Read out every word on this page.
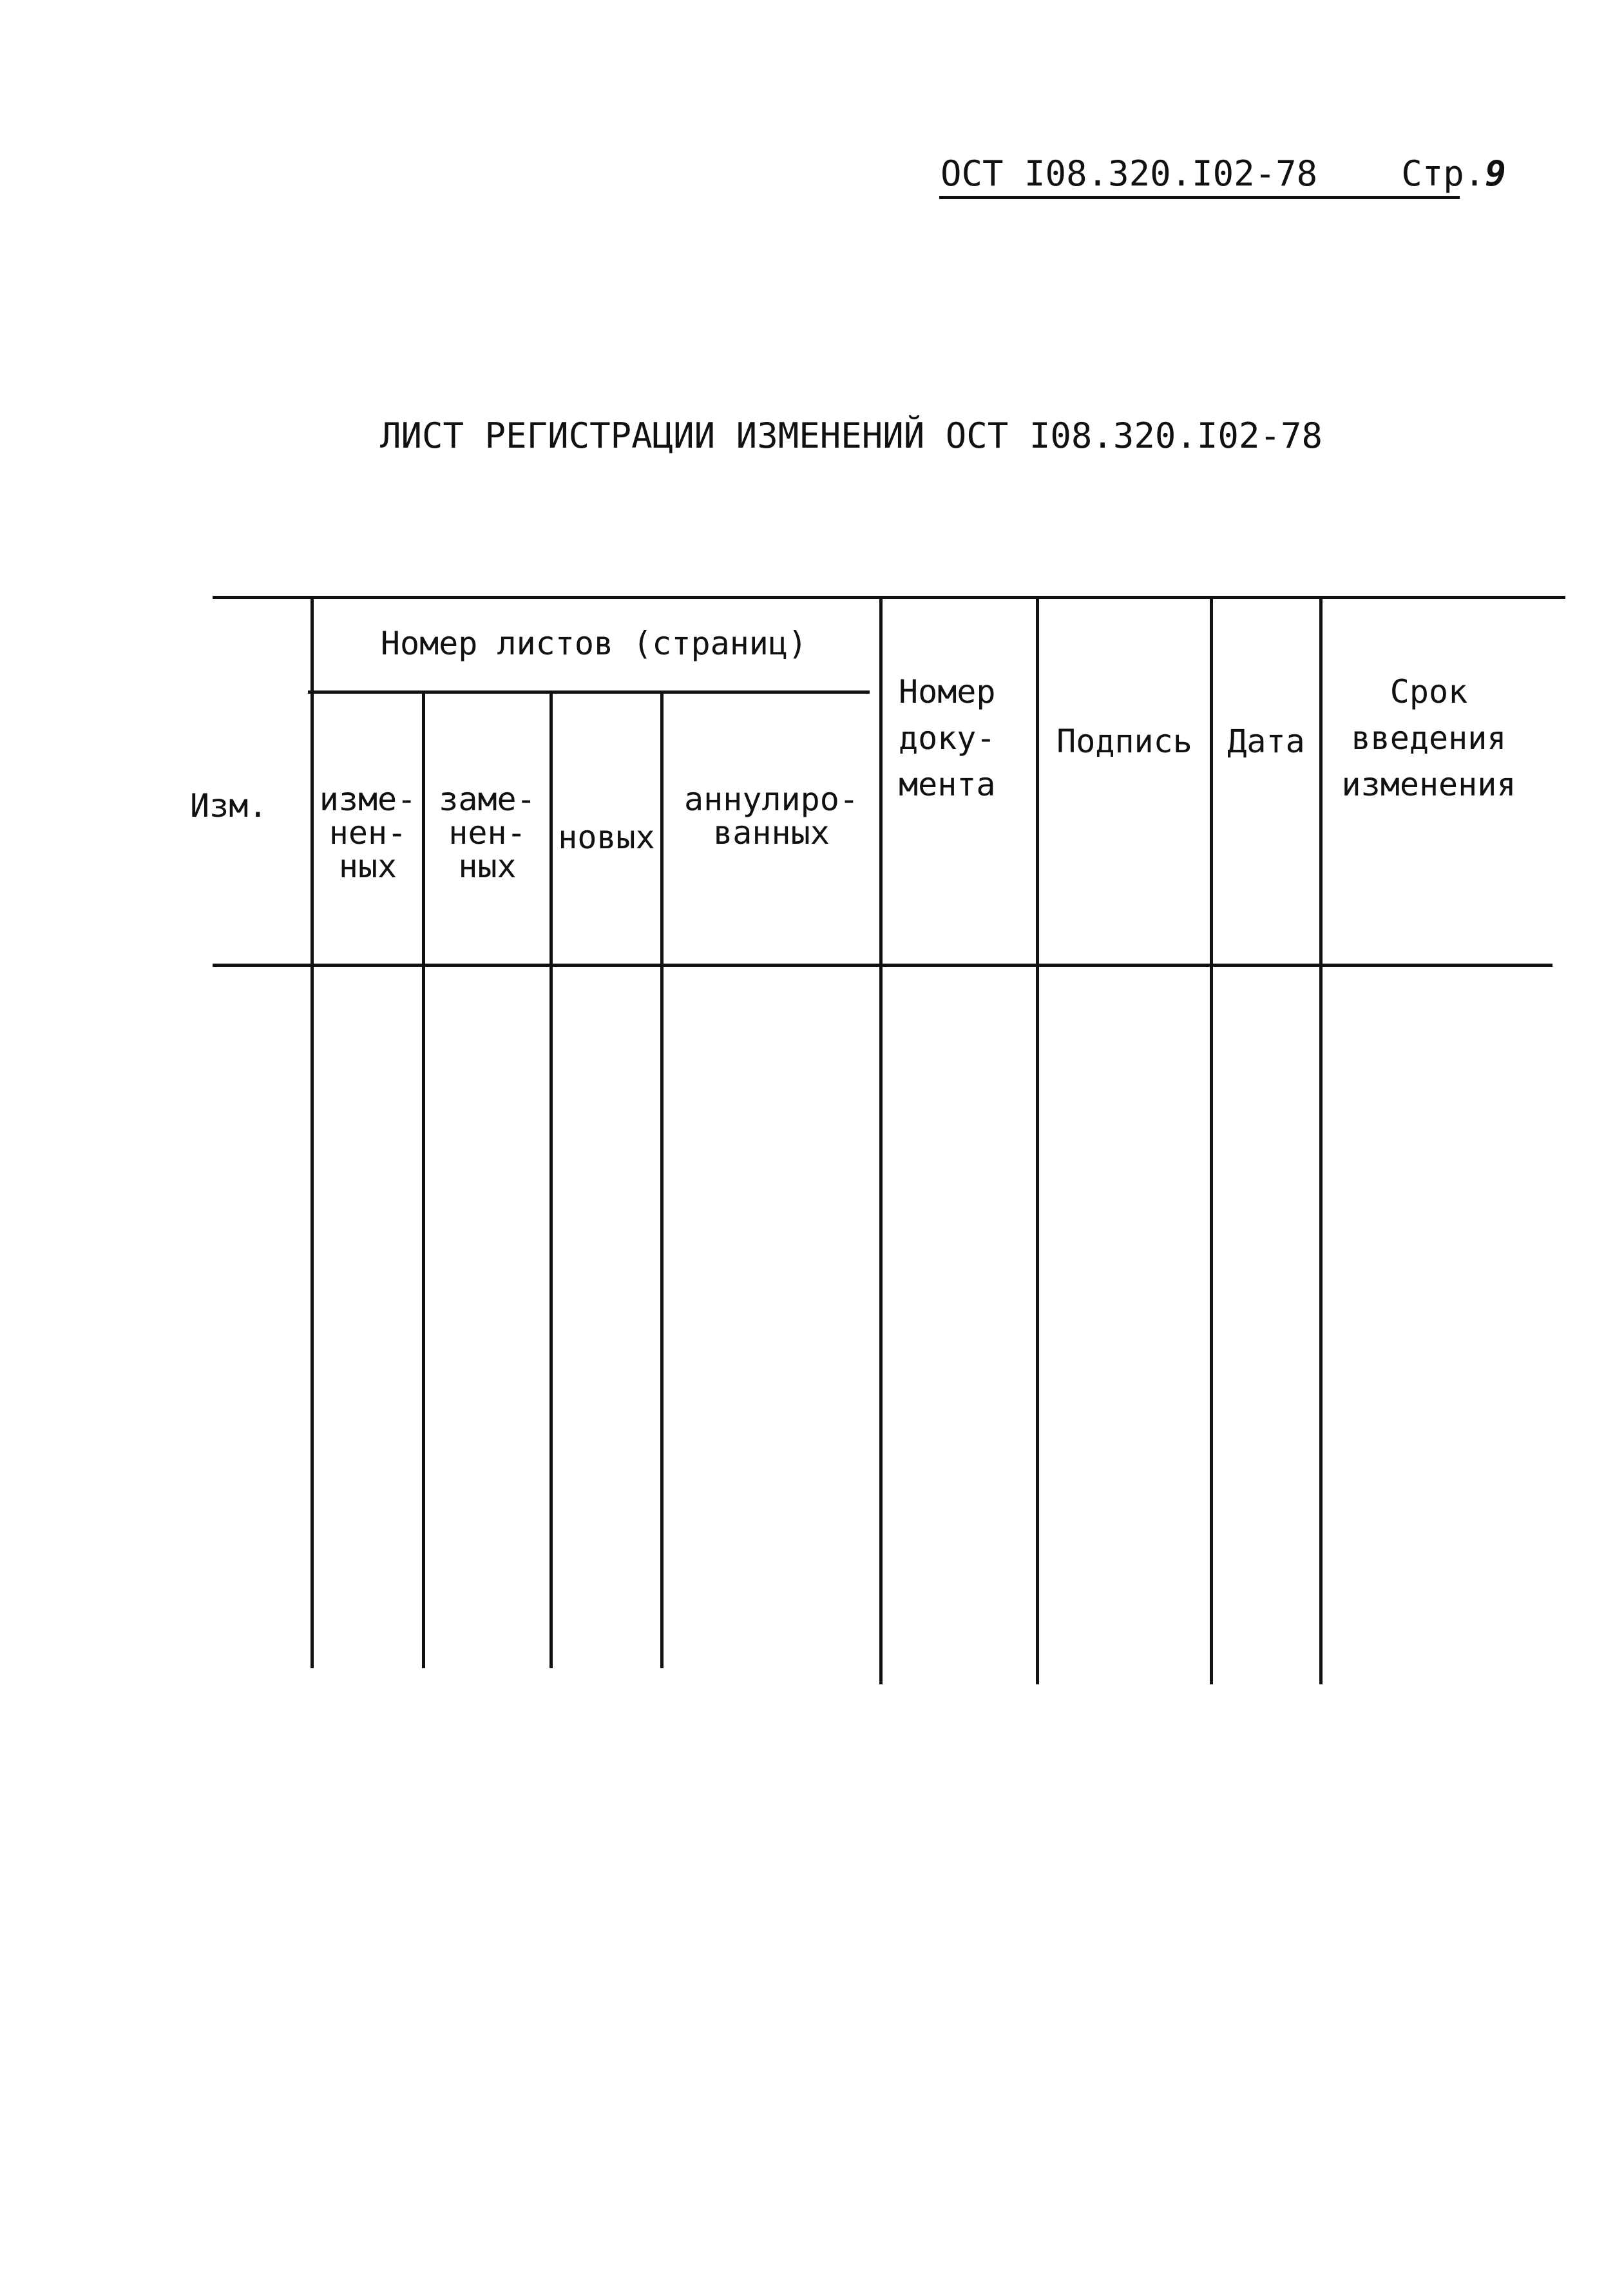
ОСТ I08.320.I02-78 Стр.9
ЛИСТ РЕГИСТРАЦИИ ИЗМЕНЕНИЙ ОСТ I08.320.I02-78
Изм.
Номер листов (страниц)
изме-
нен-
ных
заме-
нен-
ных
новых
аннулиро-
ванных
Номер
доку-
мента
Подпись	Дата
Срок
введения
изменения
